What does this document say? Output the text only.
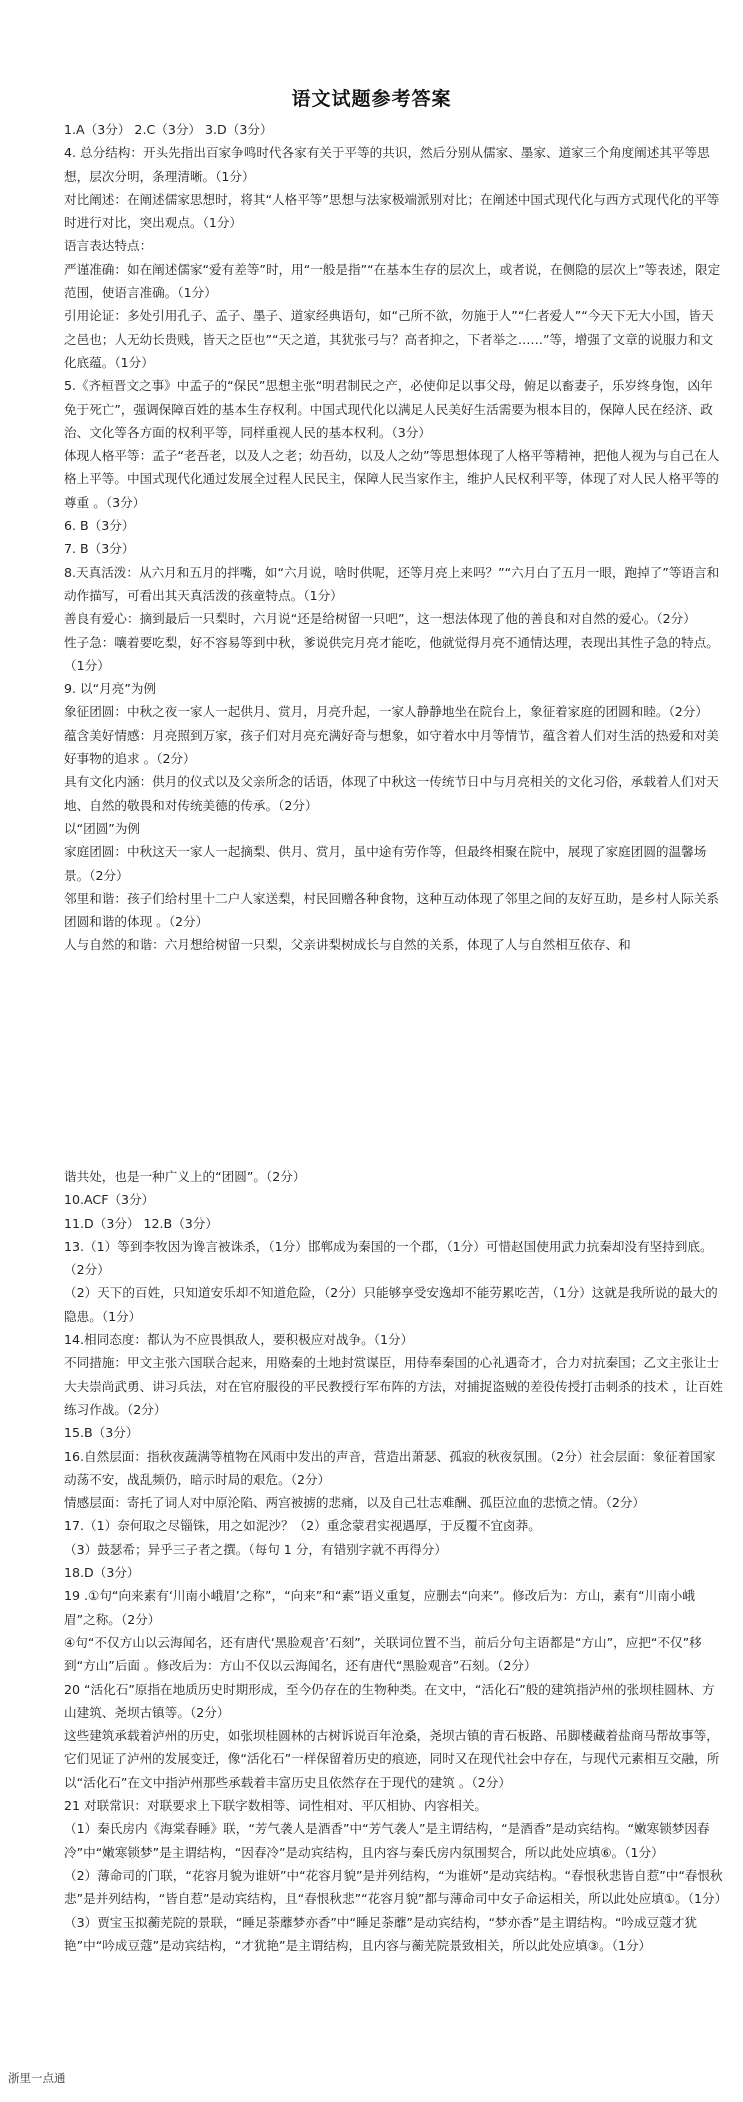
语文试题参考答案

1.A（3分） 2.C（3分） 3.D（3分）

4. 总分结构：开头先指出百家争鸣时代各家有关于平等的共识，然后分别从儒家、墨家、道家三个角度阐述其平等思想，层次分明，条理清晰。（1分）

对比阐述：在阐述儒家思想时，将其“人格平等”思想与法家极端派别对比；在阐述中国式现代化与西方式现代化的平等时进行对比，突出观点。（1分）

语言表达特点：

严谨准确：如在阐述儒家“爱有差等”时，用“一般是指”“在基本生存的层次上，或者说，在侧隐的层次上”等表述，限定范围，使语言准确。（1分）

引用论证：多处引用孔子、孟子、墨子、道家经典语句，如“己所不欲，勿施于人”“仁者爱人”“今天下无大小国，皆天之邑也；人无幼长贵贱，皆天之臣也”“天之道，其犹张弓与？高者抑之，下者举之……”等，增强了文章的说服力和文化底蕴。（1分）

5.《齐桓晋文之事》中孟子的“保民”思想主张“明君制民之产，必使仰足以事父母，俯足以畜妻子，乐岁终身饱，凶年免于死亡”，强调保障百姓的基本生存权利。中国式现代化以满足人民美好生活需要为根本目的，保障人民在经济、政治、文化等各方面的权利平等，同样重视人民的基本权利。（3分）

体现人格平等：孟子“老吾老，以及人之老；幼吾幼，以及人之幼”等思想体现了人格平等精神，把他人视为与自己在人格上平等。中国式现代化通过发展全过程人民民主，保障人民当家作主，维护人民权利平等，体现了对人民人格平等的尊重 。（3分）

6. B（3分）

7. B（3分）

8.天真活泼：从六月和五月的拌嘴，如“六月说，啥时供呢，还等月亮上来吗？”“六月白了五月一眼，跑掉了”等语言和动作描写，可看出其天真活泼的孩童特点。（1分）

善良有爱心：摘到最后一只梨时，六月说“还是给树留一只吧”，这一想法体现了他的善良和对自然的爱心。（2分）

性子急：嚷着要吃梨，好不容易等到中秋，爹说供完月亮才能吃，他就觉得月亮不通情达理，表现出其性子急的特点。（1分）

9. 以“月亮”为例

象征团圆：中秋之夜一家人一起供月、赏月，月亮升起，一家人静静地坐在院台上，象征着家庭的团圆和睦。（2分）

蕴含美好情感：月亮照到万家，孩子们对月亮充满好奇与想象，如守着水中月等情节，蕴含着人们对生活的热爱和对美好事物的追求 。（2分）

具有文化内涵：供月的仪式以及父亲所念的话语，体现了中秋这一传统节日中与月亮相关的文化习俗，承载着人们对天地、自然的敬畏和对传统美德的传承。（2分）

以“团圆”为例

家庭团圆：中秋这天一家人一起摘梨、供月、赏月，虽中途有劳作等，但最终相聚在院中，展现了家庭团圆的温馨场景。（2分）

邻里和谐：孩子们给村里十二户人家送梨，村民回赠各种食物，这种互动体现了邻里之间的友好互助，是乡村人际关系团圆和谐的体现 。（2分）

人与自然的和谐：六月想给树留一只梨，父亲讲梨树成长与自然的关系，体现了人与自然相互依存、和

谐共处，也是一种广义上的“团圆”。（2分）

10.ACF（3分）

11.D（3分） 12.B（3分）

13.（1）等到李牧因为谗言被诛杀，（1分）邯郸成为秦国的一个郡，（1分）可惜赵国使用武力抗秦却没有坚持到底。（2分）

（2）天下的百姓，只知道安乐却不知道危险，（2分）只能够享受安逸却不能劳累吃苦，（1分）这就是我所说的最大的隐患。（1分）

14.相同态度：都认为不应畏惧敌人，要积极应对战争。（1分）

不同措施：甲文主张六国联合起来，用赂秦的土地封赏谋臣，用侍奉秦国的心礼遇奇才，合力对抗秦国；乙文主张让士大夫崇尚武勇、讲习兵法，对在官府服役的平民教授行军布阵的方法，对捕捉盗贼的差役传授打击刺杀的技术 ，让百姓练习作战。（2分）

15.B（3分）

16.自然层面：指秋夜蔬满等植物在风雨中发出的声音，营造出萧瑟、孤寂的秋夜氛围。（2分）社会层面：象征着国家动荡不安，战乱频仍，暗示时局的艰危。（2分）

情感层面：寄托了词人对中原沦陷、两宫被掳的悲痛，以及自己壮志难酬、孤臣泣血的悲愤之情。（2分）

17.（1）奈何取之尽锱铢，用之如泥沙？（2）重念蒙君实视遇厚，于反覆不宜卤莽。

（3）鼓瑟希；异乎三子者之撰。（每句 1 分，有错别字就不再得分）

18.D（3分）

19 .①句“向来素有‘川南小峨眉’之称”，“向来”和“素”语义重复，应删去“向来”。修改后为：方山，素有“川南小峨眉”之称。（2分）

④句“不仅方山以云海闻名，还有唐代‘黑脸观音’石刻”，关联词位置不当，前后分句主语都是“方山”，应把“不仅”移到“方山”后面 。修改后为：方山不仅以云海闻名，还有唐代“黑脸观音”石刻。（2分）

20 “活化石”原指在地质历史时期形成，至今仍存在的生物种类。在文中，“活化石”般的建筑指泸州的张坝桂圆林、方山建筑、尧坝古镇等。（2分）

这些建筑承载着泸州的历史，如张坝桂圆林的古树诉说百年沧桑，尧坝古镇的青石板路、吊脚楼藏着盐商马帮故事等，它们见证了泸州的发展变迁，像“活化石”一样保留着历史的痕迹，同时又在现代社会中存在，与现代元素相互交融，所以“活化石”在文中指泸州那些承载着丰富历史且依然存在于现代的建筑 。（2分）

21 对联常识：对联要求上下联字数相等、词性相对、平仄相协、内容相关。

（1）秦氏房内《海棠春睡》联，“芳气袭人是酒香”中“芳气袭人”是主谓结构，“是酒香”是动宾结构。“嫩寒锁梦因春冷”中“嫩寒锁梦”是主谓结构，“因春冷”是动宾结构，且内容与秦氏房内氛围契合，所以此处应填⑥。（1分）

（2）薄命司的门联，“花容月貌为谁妍”中“花容月貌”是并列结构，“为谁妍”是动宾结构。“春恨秋悲皆自惹”中“春恨秋悲”是并列结构，“皆自惹”是动宾结构，且“春恨秋悲”“花容月貌”都与薄命司中女子命运相关，所以此处应填①。（1分）

（3）贾宝玉拟蘅芜院的景联，“睡足荼蘼梦亦香”中“睡足荼蘼”是动宾结构，“梦亦香”是主谓结构。“吟成豆蔻才犹艳”中“吟成豆蔻”是动宾结构，“才犹艳”是主谓结构，且内容与蘅芜院景致相关，所以此处应填③。（1分）

浙里一点通
